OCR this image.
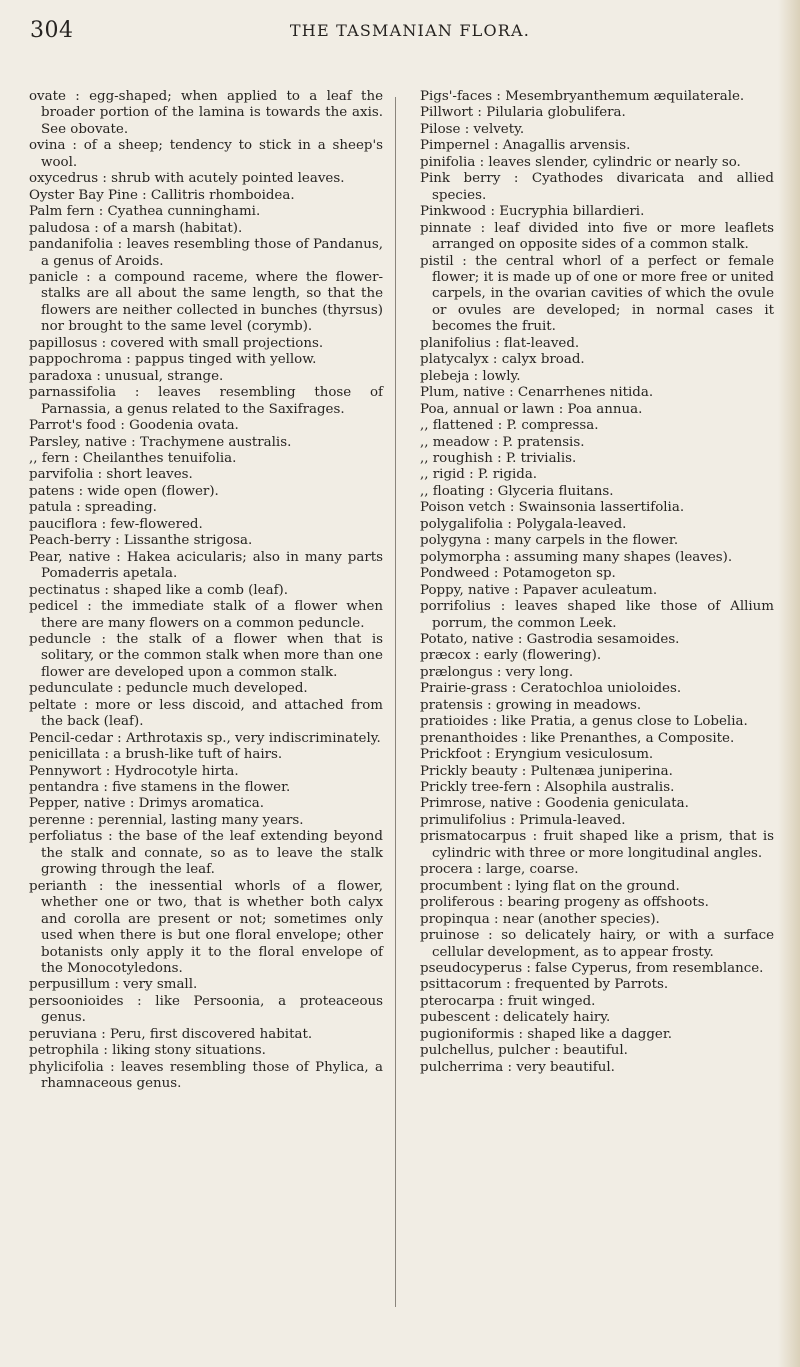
304	THE TASMANIAN FLORA.

ovate : egg-shaped; when applied to a leaf the broader portion of the lamina is towards the axis. See obovate.

ovina : of a sheep; tendency to stick in a sheep's wool.

oxycedrus : shrub with acutely pointed leaves.

Oyster Bay Pine : Callitris rhomboidea.

Palm fern : Cyathea cunninghami.

paludosa : of a marsh (habitat).

pandanifolia : leaves resembling those of Pandanus, a genus of Aroids.

panicle : a compound raceme, where the flower-stalks are all about the same length, so that the flowers are neither collected in bunches (thyrsus) nor brought to the same level (corymb).

papillosus : covered with small projections.

pappochroma : pappus tinged with yellow.

paradoxa : unusual, strange.

parnassifolia : leaves resembling those of Parnassia, a genus related to the Saxifrages.

Parrot's food : Goodenia ovata.

Parsley, native : Trachymene australis.

,, fern : Cheilanthes tenuifolia.

parvifolia : short leaves.

patens : wide open (flower).

patula : spreading.

pauciflora : few-flowered.

Peach-berry : Lissanthe strigosa.

Pear, native : Hakea acicularis; also in many parts Pomaderris apetala.

pectinatus : shaped like a comb (leaf).

pedicel : the immediate stalk of a flower when there are many flowers on a common peduncle.

peduncle : the stalk of a flower when that is solitary, or the common stalk when more than one flower are developed upon a common stalk.

pedunculate : peduncle much developed.

peltate : more or less discoid, and attached from the back (leaf).

Pencil-cedar : Arthrotaxis sp., very indiscriminately.

penicillata : a brush-like tuft of hairs.

Pennywort : Hydrocotyle hirta.

pentandra : five stamens in the flower.

Pepper, native : Drimys aromatica.

perenne : perennial, lasting many years.

perfoliatus : the base of the leaf extending beyond the stalk and connate, so as to leave the stalk growing through the leaf.

perianth : the inessential whorls of a flower, whether one or two, that is whether both calyx and corolla are present or not; sometimes only used when there is but one floral envelope; other botanists only apply it to the floral envelope of the Monocotyledons.

perpusillum : very small.

persoonioides : like Persoonia, a proteaceous genus.

peruviana : Peru, first discovered habitat.

petrophila : liking stony situations.

phylicifolia : leaves resembling those of Phylica, a rhamnaceous genus.

Pigs'-faces : Mesembryanthemum æquilaterale.

Pillwort : Pilularia globulifera.

Pilose : velvety.

Pimpernel : Anagallis arvensis.

pinifolia : leaves slender, cylindric or nearly so.

Pink berry : Cyathodes divaricata and allied species.

Pinkwood : Eucryphia billardieri.

pinnate : leaf divided into five or more leaflets arranged on opposite sides of a common stalk.

pistil : the central whorl of a perfect or female flower; it is made up of one or more free or united carpels, in the ovarian cavities of which the ovule or ovules are developed; in normal cases it becomes the fruit.

planifolius : flat-leaved.

platycalyx : calyx broad.

plebeja : lowly.

Plum, native : Cenarrhenes nitida.

Poa, annual or lawn : Poa annua.

,, flattened : P. compressa.

,, meadow : P. pratensis.

,, roughish : P. trivialis.

,, rigid : P. rigida.

,, floating : Glyceria fluitans.

Poison vetch : Swainsonia lassertifolia.

polygalifolia : Polygala-leaved.

polygyna : many carpels in the flower.

polymorpha : assuming many shapes (leaves).

Pondweed : Potamogeton sp.

Poppy, native : Papaver aculeatum.

porrifolius : leaves shaped like those of Allium porrum, the common Leek.

Potato, native : Gastrodia sesamoides.

præcox : early (flowering).

prælongus : very long.

Prairie-grass : Ceratochloa unioloides.

pratensis : growing in meadows.

pratioides : like Pratia, a genus close to Lobelia.

prenanthoides : like Prenanthes, a Composite.

Prickfoot : Eryngium vesiculosum.

Prickly beauty : Pultenæa juniperina.

Prickly tree-fern : Alsophila australis.

Primrose, native : Goodenia geniculata.

primulifolius : Primula-leaved.

prismatocarpus : fruit shaped like a prism, that is cylindric with three or more longitudinal angles.

procera : large, coarse.

procumbent : lying flat on the ground.

proliferous : bearing progeny as offshoots.

propinqua : near (another species).

pruinose : so delicately hairy, or with a surface cellular development, as to appear frosty.

pseudocyperus : false Cyperus, from resemblance.

psittacorum : frequented by Parrots.

pterocarpa : fruit winged.

pubescent : delicately hairy.

pugioniformis : shaped like a dagger.

pulchellus, pulcher : beautiful.

pulcherrima : very beautiful.
